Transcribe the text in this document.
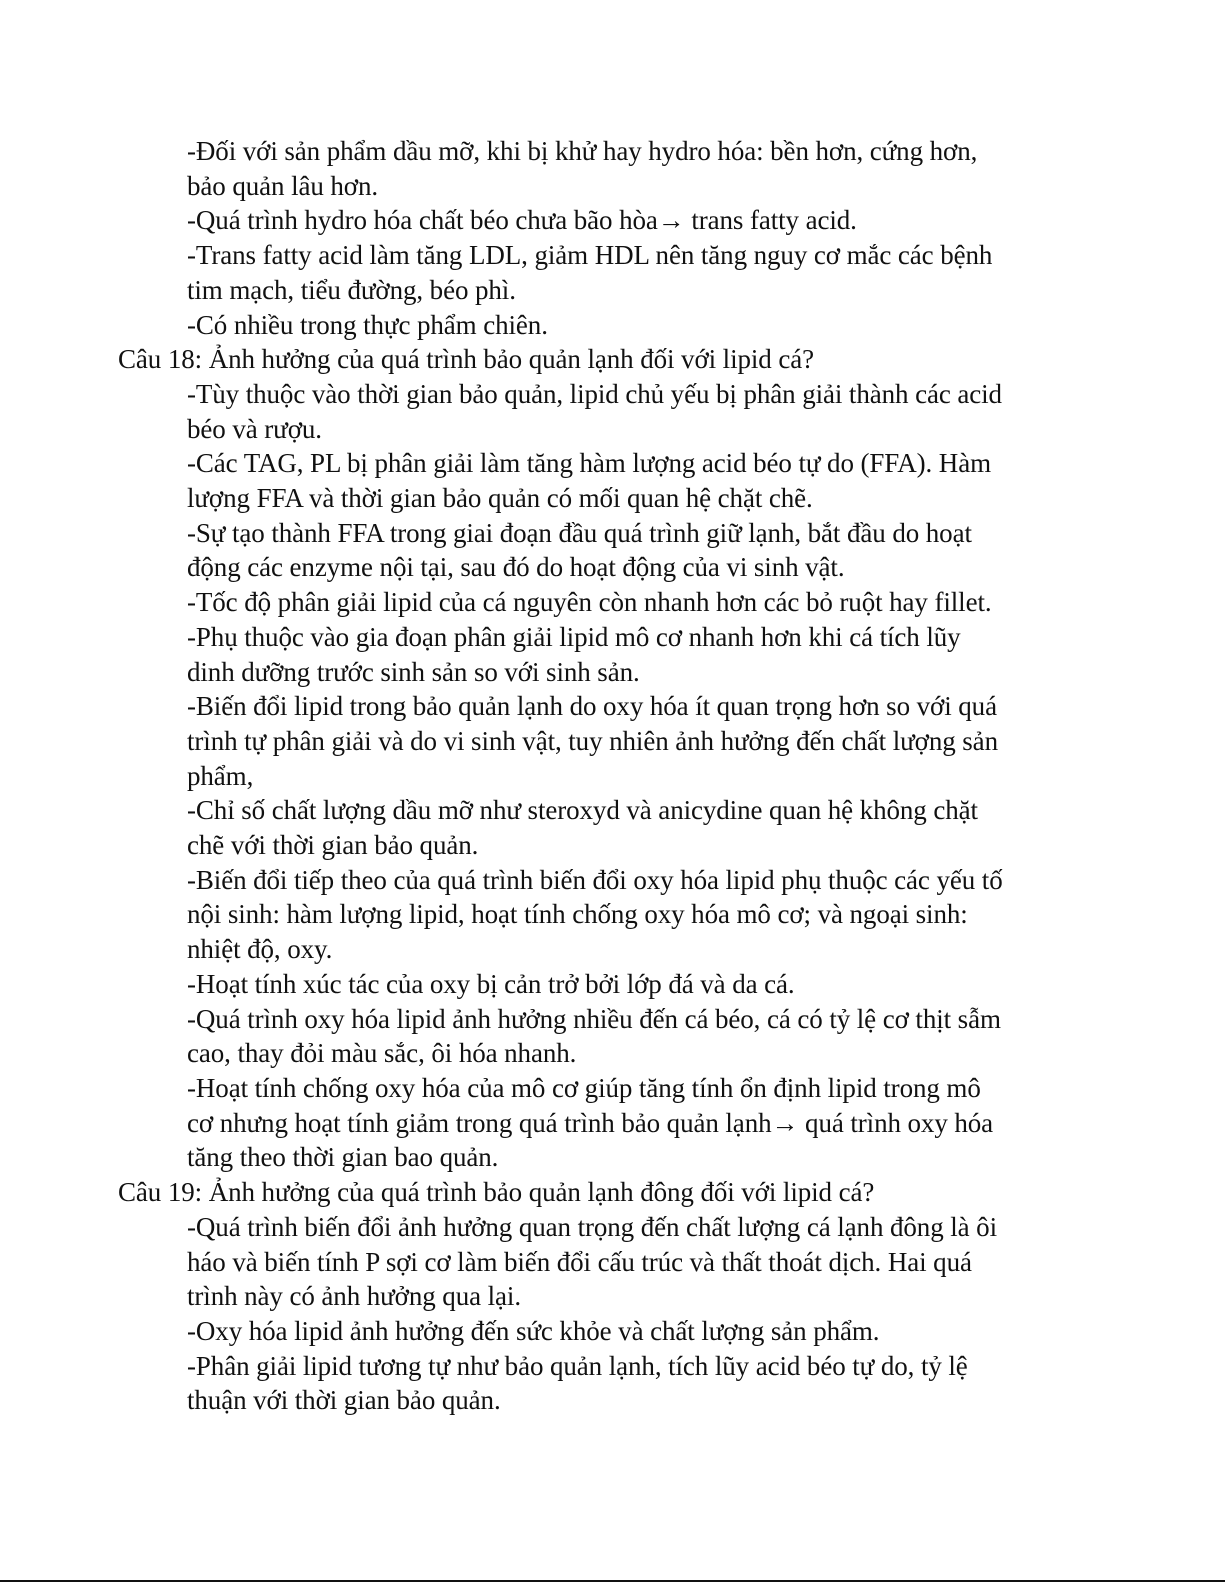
-Đối với sản phẩm dầu mỡ, khi bị khử hay hydro hóa: bền hơn, cứng hơn,
bảo quản lâu hơn.
-Quá trình hydro hóa chất béo chưa bão hòa→ trans fatty acid.
-Trans fatty acid làm tăng LDL, giảm HDL nên tăng nguy cơ mắc các bệnh
tim mạch, tiểu đường, béo phì.
-Có nhiều trong thực phẩm chiên.
Câu 18: Ảnh hưởng của quá trình bảo quản lạnh đối với lipid cá?
-Tùy thuộc vào thời gian bảo quản, lipid chủ yếu bị phân giải thành các acid
béo và rượu.
-Các TAG, PL bị phân giải làm tăng hàm lượng acid béo tự do (FFA). Hàm
lượng FFA và thời gian bảo quản có mối quan hệ chặt chẽ.
-Sự tạo thành FFA trong giai đoạn đầu quá trình giữ lạnh, bắt đầu do hoạt
động các enzyme nội tại, sau đó do hoạt động của vi sinh vật.
-Tốc độ phân giải lipid của cá nguyên còn nhanh hơn các bỏ ruột hay fillet.
-Phụ thuộc vào gia đoạn phân giải lipid mô cơ nhanh hơn khi cá tích lũy
dinh dưỡng trước sinh sản so với sinh sản.
-Biến đổi lipid trong bảo quản lạnh do oxy hóa ít quan trọng hơn so với quá
trình tự phân giải và do vi sinh vật, tuy nhiên ảnh hưởng đến chất lượng sản
phẩm,
-Chỉ số chất lượng dầu mỡ như steroxyd và anicydine quan hệ không chặt
chẽ với thời gian bảo quản.
-Biến đổi tiếp theo của quá trình biến đổi oxy hóa lipid phụ thuộc các yếu tố
nội sinh: hàm lượng lipid, hoạt tính chống oxy hóa mô cơ; và ngoại sinh:
nhiệt độ, oxy.
-Hoạt tính xúc tác của oxy bị cản trở bởi lớp đá và da cá.
-Quá trình oxy hóa lipid ảnh hưởng nhiều đến cá béo, cá có tỷ lệ cơ thịt sẫm
cao, thay đỏi màu sắc, ôi hóa nhanh.
-Hoạt tính chống oxy hóa của mô cơ giúp tăng tính ổn định lipid trong mô
cơ nhưng hoạt tính giảm trong quá trình bảo quản lạnh→ quá trình oxy hóa
tăng theo thời gian bao quản.
Câu 19: Ảnh hưởng của quá trình bảo quản lạnh đông đối với lipid cá?
-Quá trình biến đổi ảnh hưởng quan trọng đến chất lượng cá lạnh đông là ôi
háo và biến tính P sợi cơ làm biến đổi cấu trúc và thất thoát dịch. Hai quá
trình này có ảnh hưởng qua lại.
-Oxy hóa lipid ảnh hưởng đến sức khỏe và chất lượng sản phẩm.
-Phân giải lipid tương tự như bảo quản lạnh, tích lũy acid béo tự do, tỷ lệ
thuận với thời gian bảo quản.
